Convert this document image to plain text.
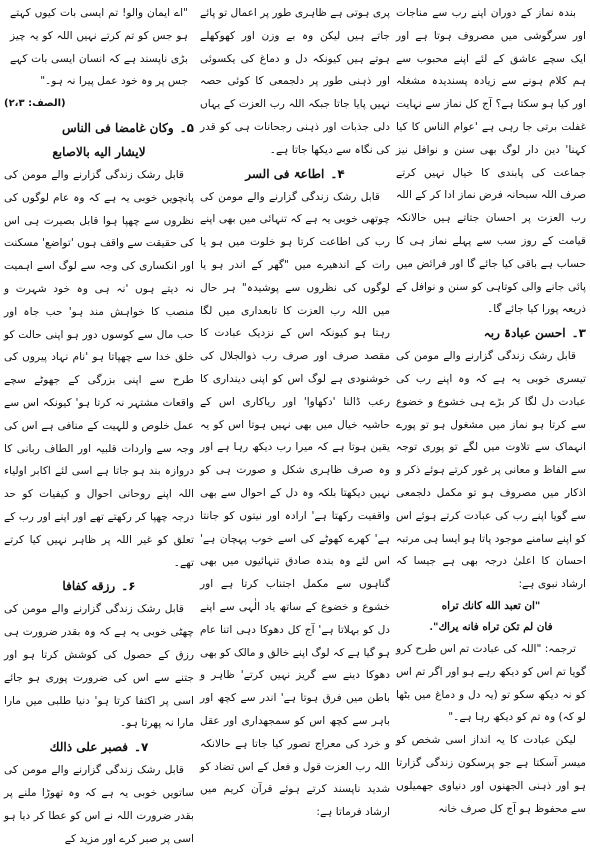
بندہ نماز کے دوران اپنے رب سے مناجات اور سرگوشی میں مصروف ہوتا ہے اور ایک سچے عاشق کے لئے اپنے محبوب سے ہم کلام ہونے سے زیادہ پسندیدہ مشغلہ اور کیا ہو سکتا ہے؟ آج کل نماز سے نہایت غفلت برتی جا رہی ہے 'عوام الناس کا کیا کہنا' دین دار لوگ بھی سنن و نوافل نیز جماعت کی پابندی کا خیال نہیں کرتے صرف اللہ سبحانہ فرض نماز ادا کر کے اللہ رب العزت پر احسان جتاتے ہیں حالانکہ قیامت کے روز سب سے پہلے نماز ہی کا حساب ہے باقی کیا جائے گا اور فرائض میں پائی جانے والی کوتاہی کو سنن و نوافل کے ذریعہ پورا کیا جائے گا۔

۳۔احسن عبادۃ ربہ

قابل رشک زندگی گزارنے والے مومن کی تیسری خوبی یہ ہے کہ وہ اپنے رب کی عبادت دل لگا کر بڑے ہی خشوع و خضوع سے کرتا ہو نماز میں مشغول ہو تو پورے انہماک سے تلاوت میں لگے تو پوری توجہ سے الفاظ و معانی پر غور کرتے ہوئے ذکر و اذکار میں مصروف ہو تو مکمل دلجمعی سے گویا اپنے رب کی عبادت کرتے ہوئے اس کو اپنے سامنے موجود پاتا ہو ایسا ہی مرتبہ احسان کا اعلیٰ درجہ بھی ہے جیسا کہ ارشاد نبوی ہے:

"ان تعبد الله كانك تراه

فان لم تكن تراه فانه يراك".

ترجمہ: "اللہ کی عبادت تم اس طرح کرو گویا تم اس کو دیکھ رہے ہو اور اگر تم اس کو نہ دیکھ سکو تو (یہ دل و دماغ میں بٹھا لو کہ) وہ تم کو دیکھ رہا ہے۔"

لیکن عبادت کا یہ انداز اسی شخص کو میسر آسکتا ہے جو پرسکون زندگی گزارتا ہو اور ذہنی الجھنوں اور دنیاوی جھمیلوں سے محفوظ ہو آج کل صرف خانہ

پری ہوتی ہے ظاہری طور پر اعمال تو پائے جاتے ہیں لیکن وہ بے وزن اور کھوکھلے ہوتے ہیں کیونکہ دل و دماغ کی یکسوئی اور ذہنی طور پر دلجمعی کا کوئی حصہ نہیں پایا جاتا جبکہ اللہ رب العزت کے یہاں دلی جذبات اور ذہنی رجحانات ہی کو قدر کی نگاہ سے دیکھا جاتا ہے۔

۴۔اطاعۃ فی السر

قابل رشک زندگی گزارنے والے مومن کی چوتھی خوبی یہ ہے کہ تنہائی میں بھی اپنے رب کی اطاعت کرتا ہو خلوت میں ہو یا رات کے اندھیرے میں "گھر کے اندر ہو یا لوگوں کی نظروں سے پوشیدہ" ہر حال میں اللہ رب العزت کا تابعداری میں لگا رہتا ہو کیونکہ اس کے نزدیک عبادت کا مقصد صرف اور صرف رب ذوالجلال کی خوشنودی ہے لوگ اس کو اپنی دینداری کا رعب ڈالنا 'دکھاوا' اور ریاکاری اس کے حاشیہ خیال میں بھی نہیں ہوتا اس کو یہ یقین ہوتا ہے کہ میرا رب دیکھ رہا ہے اور وہ صرف ظاہری شکل و صورت ہی کو نہیں دیکھتا بلکہ وہ دل کے احوال سے بھی واقفیت رکھتا ہے' ارادہ اور نیتوں کو جانتا ہے' کھرے کھوٹے کی اسے خوب پہچان ہے' اس لئے وہ بندہ صادق تنہائیوں میں بھی گناہوں سے مکمل اجتناب کرتا ہے اور خشوع و خضوع کے ساتھ یاد الٰہی سے اپنے دل کو بہلاتا ہے' آج کل دھوکا دہی اتنا عام ہو گیا ہے کہ لوگ اپنے خالق و مالک کو بھی دھوکا دینے سے گریز نہیں کرتے' ظاہر و باطن میں فرق ہوتا ہے' اندر سے کچھ اور باہر سے کچھ اس کو سمجھداری اور عقل و خرد کی معراج تصور کیا جاتا ہے حالانکہ اللہ رب العزت قول و فعل کے اس تضاد کو شدید ناپسند کرتے ہوئے قرآن کریم میں ارشاد فرماتا ہے:

"اے ایمان والو! تم ایسی بات کیوں کہتے ہو جس کو تم کرتے نہیں اللہ کو یہ چیز بڑی ناپسند ہے کہ انسان ایسی بات کہے جس پر وہ خود عمل پیرا نہ ہو۔"

(الصف: ۲،۳)

۵۔وكان غامضا فی الناس
لایشار الیه بالاصابع

قابل رشک زندگی گزارنے والے مومن کی پانچویں خوبی یہ ہے کہ وہ عام لوگوں کی نظروں سے چھپا ہوا قابل بصیرت ہی اس کی حقیقت سے واقف ہوں 'تواضع' مسکنت اور انکساری کی وجہ سے لوگ اسے اہمیت نہ دیتے ہوں 'نہ ہی وہ خود شہرت و منصب کا خواہش مند ہو' حب جاہ اور حب مال سے کوسوں دور ہو اپنی حالت کو خلق خدا سے چھپاتا ہو 'نام نہاد پیروں کی طرح سے اپنی بزرگی کے جھوٹے سچے واقعات مشتہر نہ کرتا ہو' کیونکہ اس سے عمل خلوص و للہیت کے منافی ہے اس کی وجہ سے واردات قلبیہ اور الطاف ربانی کا دروازہ بند ہو جاتا ہے اسی لئے اکابر اولیاء اللہ اپنے روحانی احوال و کیفیات کو حد درجہ چھپا کر رکھتے تھے اور اپنے اور رب کے تعلق کو غیر اللہ پر ظاہر نہیں کیا کرتے تھے۔

۶۔رزقه كفافا

قابل رشک زندگی گزارنے والے مومن کی چھٹی خوبی یہ ہے کہ وہ بقدر ضرورت ہی رزق کے حصول کی کوشش کرتا ہو اور جتنے سے اس کی ضرورت پوری ہو جائے اسی پر اکتفا کرتا ہو' دنیا طلبی میں مارا مارا نہ پھرتا ہو۔

۷۔فصبر علی ذالك

قابل رشک زندگی گزارنے والے مومن کی ساتویں خوبی یہ ہے کہ وہ تھوڑا ملنے پر بقدر ضرورت اللہ نے اس کو عطا کر دیا ہو اسی پر صبر کرے اور مزید کے
